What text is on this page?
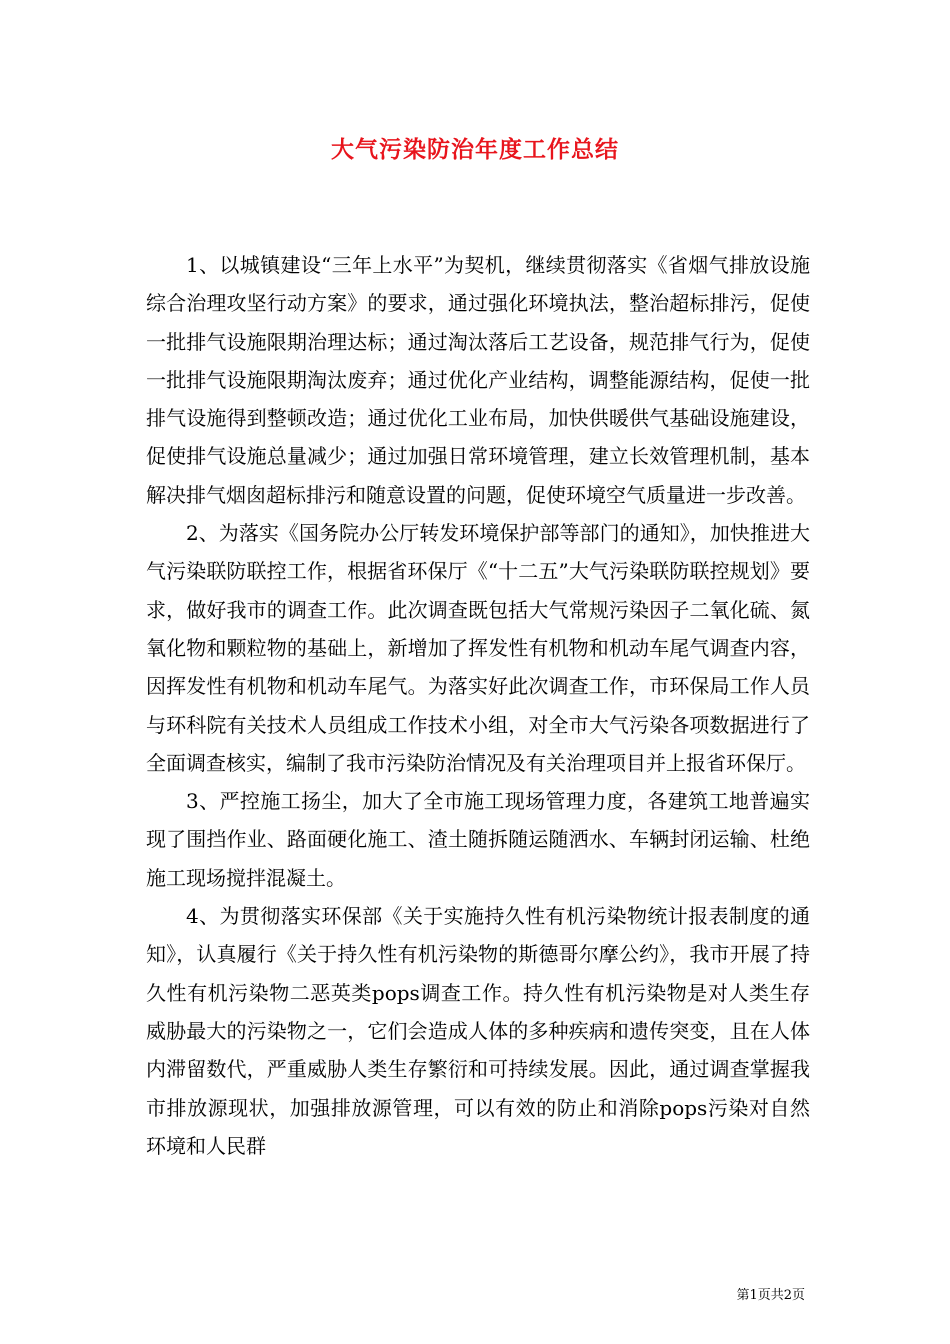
大气污染防治年度工作总结

1、以城镇建设“三年上水平”为契机，继续贯彻落实《省烟气排放设施综合治理攻坚行动方案》的要求，通过强化环境执法，整治超标排污，促使一批排气设施限期治理达标；通过淘汰落后工艺设备，规范排气行为，促使一批排气设施限期淘汰废弃；通过优化产业结构，调整能源结构，促使一批排气设施得到整顿改造；通过优化工业布局，加快供暖供气基础设施建设，促使排气设施总量减少；通过加强日常环境管理，建立长效管理机制，基本解决排气烟囱超标排污和随意设置的问题，促使环境空气质量进一步改善。

2、为落实《国务院办公厅转发环境保护部等部门的通知》，加快推进大气污染联防联控工作，根据省环保厅《“十二五”大气污染联防联控规划》要求，做好我市的调查工作。此次调查既包括大气常规污染因子二氧化硫、氮氧化物和颗粒物的基础上，新增加了挥发性有机物和机动车尾气调查内容，因挥发性有机物和机动车尾气。为落实好此次调查工作，市环保局工作人员与环科院有关技术人员组成工作技术小组，对全市大气污染各项数据进行了全面调查核实，编制了我市污染防治情况及有关治理项目并上报省环保厅。

3、严控施工扬尘，加大了全市施工现场管理力度，各建筑工地普遍实现了围挡作业、路面硬化施工、渣土随拆随运随洒水、车辆封闭运输、杜绝施工现场搅拌混凝土。

4、为贯彻落实环保部《关于实施持久性有机污染物统计报表制度的通知》，认真履行《关于持久性有机污染物的斯德哥尔摩公约》，我市开展了持久性有机污染物二恶英类pops调查工作。持久性有机污染物是对人类生存威胁最大的污染物之一，它们会造成人体的多种疾病和遗传突变，且在人体内滞留数代，严重威胁人类生存繁衍和可持续发展。因此，通过调查掌握我市排放源现状，加强排放源管理，可以有效的防止和消除pops污染对自然环境和人民群

第1页共2页
